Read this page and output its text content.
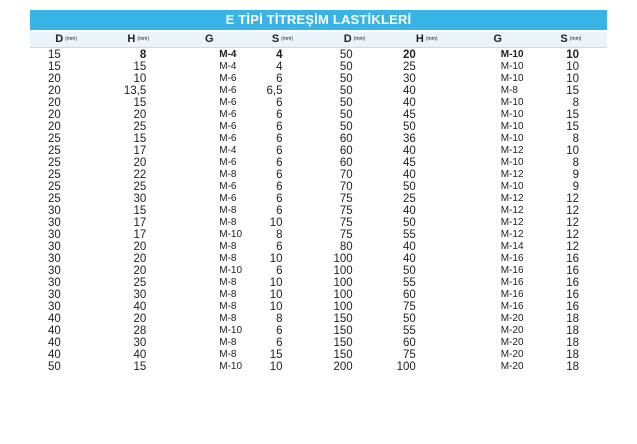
E TİPİ TİTREŞİM LASTİKLERİ
D $^{(mm)}$	H $^{(mm)}$	G	S $^{(mm)}$	D $^{(mm)}$	H $^{(mm)}$	G	S $^{(mm)}$
15	8	M-4	4	50	20	M-10	10
15	15	M-4	4	50	25	M-10	10
20	10	M-6	6	50	30	M-10	10
20	13,5	M-6	6,5	50	40	M-8	15
20	15	M-6	6	50	40	M-10	8
20	20	M-6	6	50	45	M-10	15
20	25	M-6	6	50	50	M-10	15
25	15	M-6	6	60	36	M-10	8
25	17	M-4	6	60	40	M-12	10
25	20	M-6	6	60	45	M-10	8
25	22	M-8	6	70	40	M-12	9
25	25	M-6	6	70	50	M-10	9
25	30	M-6	6	75	25	M-12	12
30	15	M-8	6	75	40	M-12	12
30	17	M-8	10	75	50	M-12	12
30	17	M-10	8	75	55	M-12	12
30	20	M-8	6	80	40	M-14	12
30	20	M-8	10	100	40	M-16	16
30	20	M-10	6	100	50	M-16	16
30	25	M-8	10	100	55	M-16	16
30	30	M-8	10	100	60	M-16	16
30	40	M-8	10	100	75	M-16	16
40	20	M-8	8	150	50	M-20	18
40	28	M-10	6	150	55	M-20	18
40	30	M-8	6	150	60	M-20	18
40	40	M-8	15	150	75	M-20	18
50	15	M-10	10	200	100	M-20	18
